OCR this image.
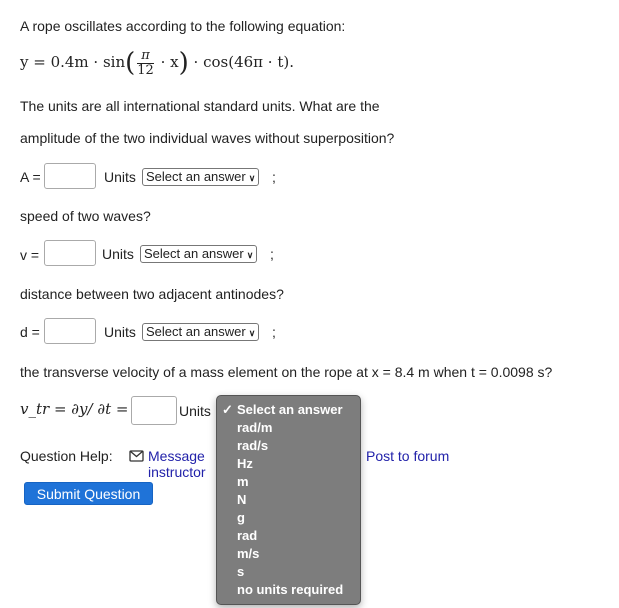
A rope oscillates according to the following equation:
$y = 0.4m \cdot \sin( \frac{\pi}{12} \cdot x) \cdot \cos(46\pi \cdot t)$.
The units are all international standard units. What are the
amplitude of the two individual waves without superposition?
A =	Units Select an answer ∨ ;
speed of two waves?
v =	Units Select an answer ∨ ;
distance between two adjacent antinodes?
d =	Units Select an answer ∨ ;
the transverse velocity of a mass element on the rope at x = 8.4 m when t = 0.0098 s?
v_tr = ∂y/ ∂t =	Units
Question Help:	Message instructor
Post to forum
Submit Question
✓ Select an answer
rad/m
rad/s
Hz
m
N
g
rad
m/s
s
no units required
